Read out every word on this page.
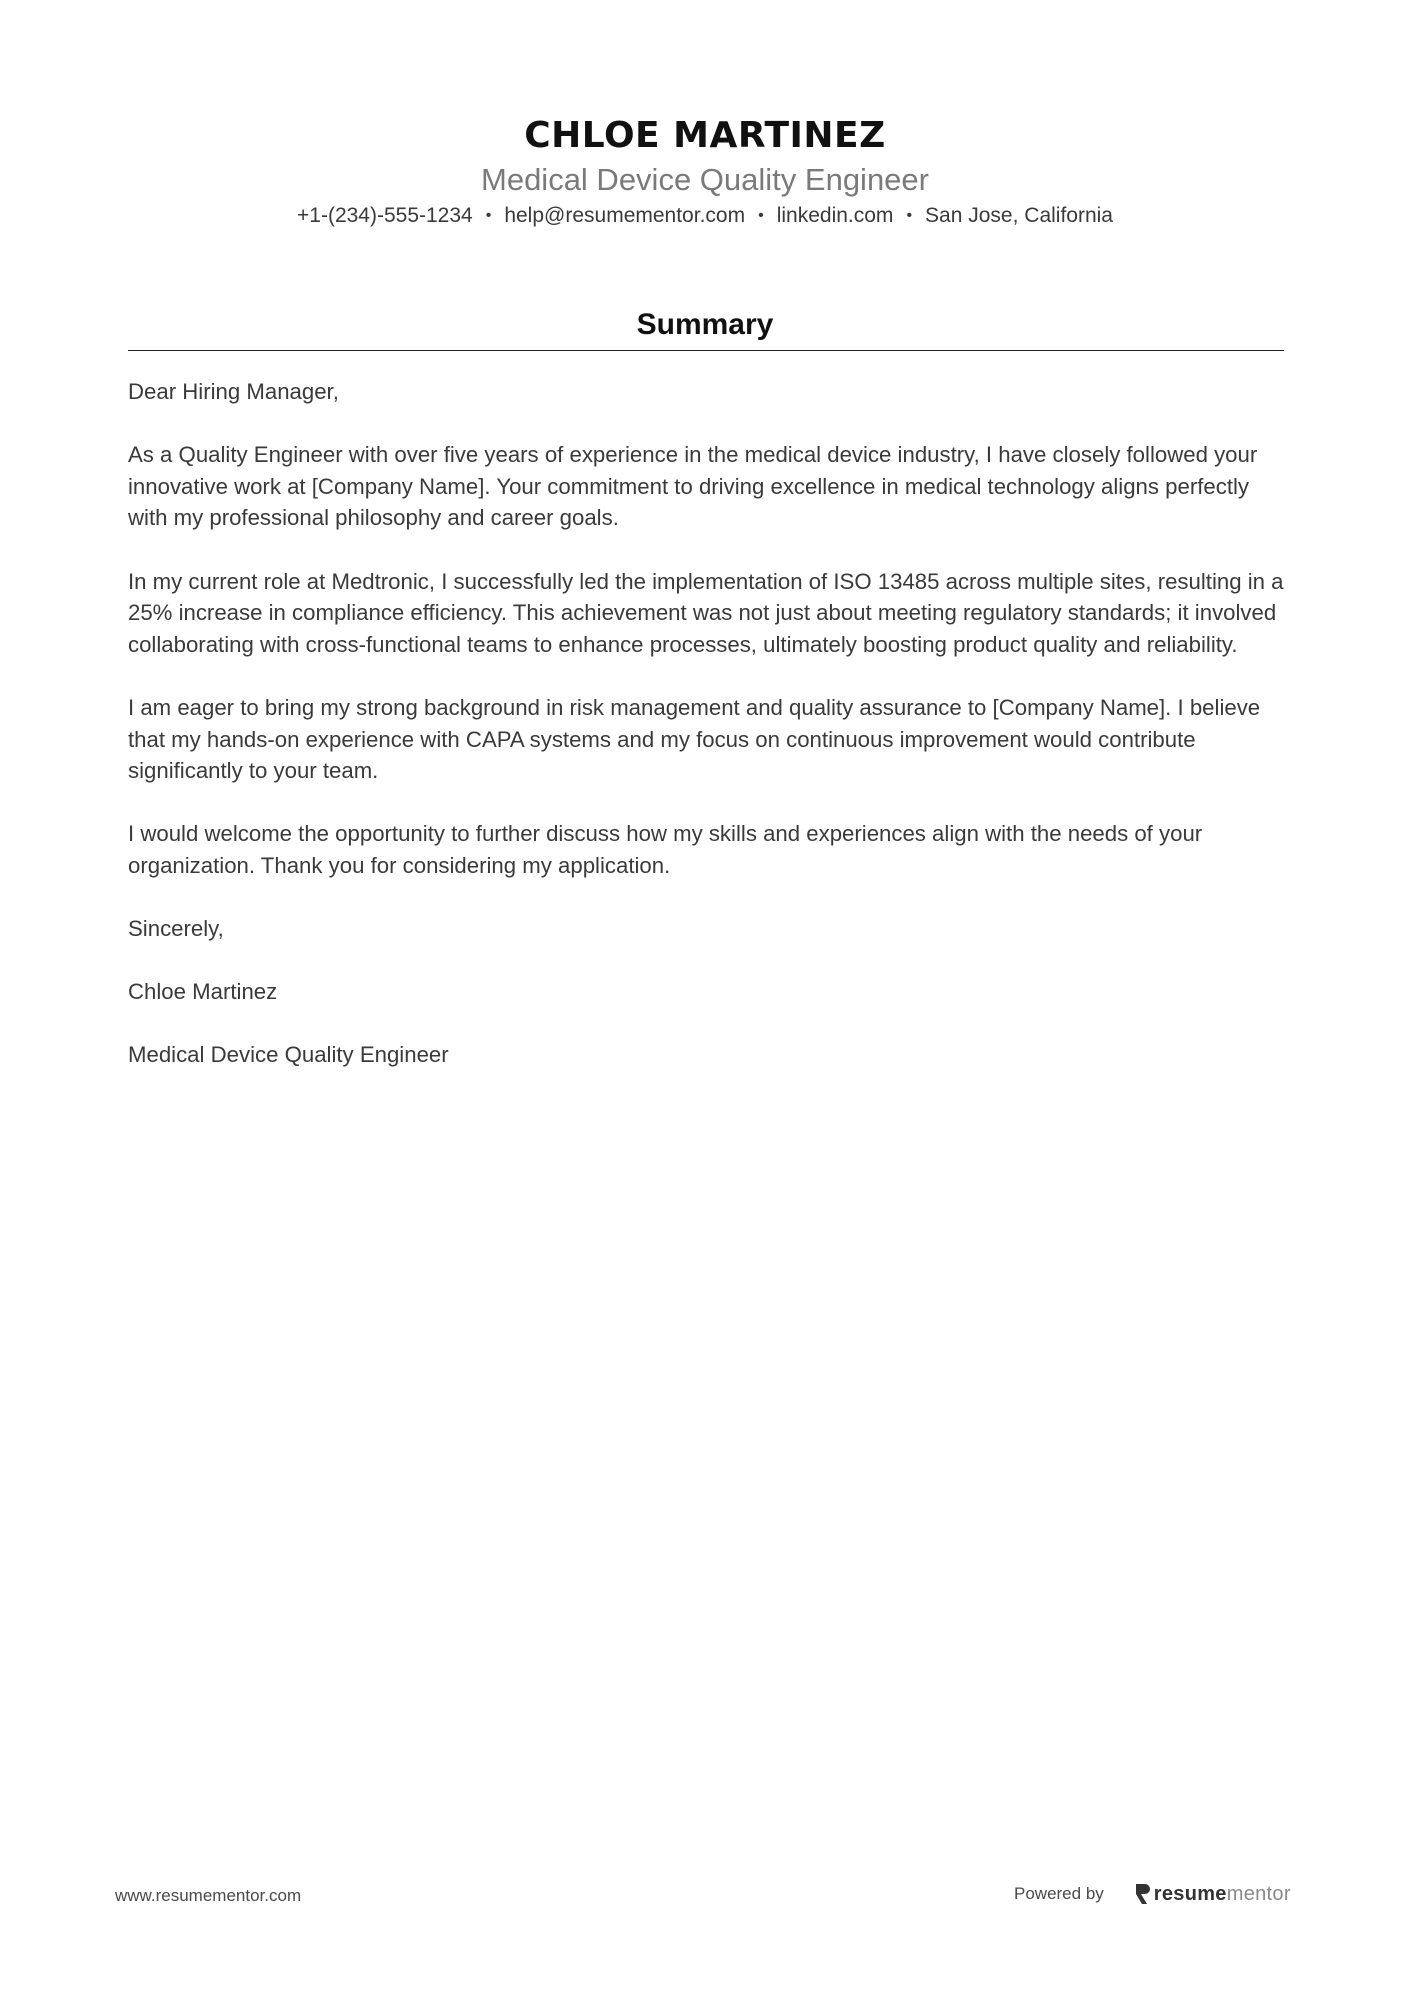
CHLOE MARTINEZ
Medical Device Quality Engineer
+1-(234)-555-1234 • help@resumementor.com • linkedin.com • San Jose, California
Summary

Dear Hiring Manager,

As a Quality Engineer with over five years of experience in the medical device industry, I have closely followed your innovative work at [Company Name]. Your commitment to driving excellence in medical technology aligns perfectly with my professional philosophy and career goals.

In my current role at Medtronic, I successfully led the implementation of ISO 13485 across multiple sites, resulting in a 25% increase in compliance efficiency. This achievement was not just about meeting regulatory standards; it involved collaborating with cross-functional teams to enhance processes, ultimately boosting product quality and reliability.

I am eager to bring my strong background in risk management and quality assurance to [Company Name]. I believe that my hands-on experience with CAPA systems and my focus on continuous improvement would contribute significantly to your team.

I would welcome the opportunity to further discuss how my skills and experiences align with the needs of your organization. Thank you for considering my application.

Sincerely,

Chloe Martinez

Medical Device Quality Engineer

www.resumementor.com	Powered by	resumementor
